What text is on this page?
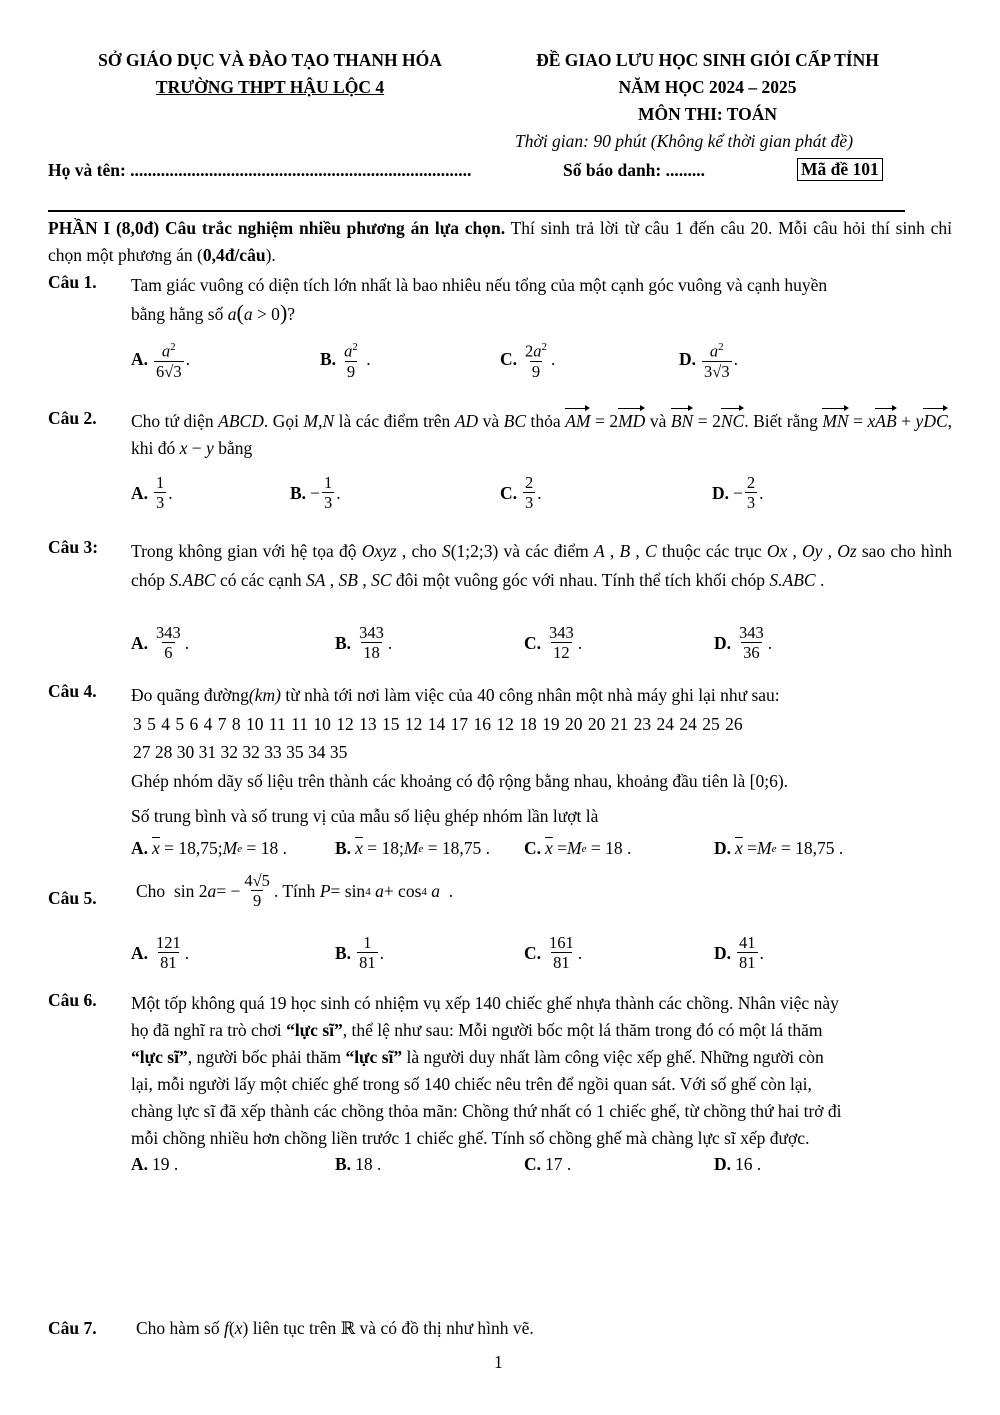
SỞ GIÁO DỤC VÀ ĐÀO TẠO THANH HÓA
TRƯỜNG THPT HẬU LỘC 4
ĐỀ GIAO LƯU HỌC SINH GIỎI CẤP TỈNH
NĂM HỌC 2024 – 2025
MÔN THI: TOÁN
Thời gian: 90 phút (Không kể thời gian phát đề)
Họ và tên: ..............................................................................	Số báo danh: .........	Mã đề 101
PHẦN I (8,0đ) Câu trắc nghiệm nhiều phương án lựa chọn. Thí sinh trả lời từ câu 1 đến câu 20. Mỗi câu hỏi thí sinh chỉ chọn một phương án (0,4đ/câu).
Câu 1. Tam giác vuông có diện tích lớn nhất là bao nhiêu nếu tổng của một cạnh góc vuông và cạnh huyền
bằng hằng số a(a > 0)?
A. $\frac{a^2}{6√3}$ .	B. $\frac{a^2}{9}$ .	C. $\frac{2a^2}{9}$ .	D. $\frac{a^2}{3√3}$ .
Câu 2. Cho tứ diện ABCD. Gọi M,N là các điểm trên AD và BC thỏa AM = 2MD và BN = 2NC. Biết rằng MN = xAB + yDC, khi đó x − y bằng
A. $\frac{1}{3}$ .	B. − $\frac{1}{3}$ .	C. $\frac{2}{3}$ .	D. − $\frac{2}{3}$ .
Câu 3: Trong không gian với hệ tọa độ Oxyz , cho S(1;2;3) và các điểm A , B , C thuộc các trục Ox , Oy , Oz sao cho hình chóp S.ABC có các cạnh SA , SB , SC đôi một vuông góc với nhau. Tính thể tích khối chóp S.ABC .
A. $\frac{343}{6}$ .	B. $\frac{343}{18}$ .	C. $\frac{343}{12}$ .	D. $\frac{343}{36}$ .
Câu 4. Đo quãng đường(km) từ nhà tới nơi làm việc của 40 công nhân một nhà máy ghi lại như sau:
3 5 4 5 6 4 7 8 10 11 11 10 12 13 15 12 14 17 16 12 18 19 20 20 21 23 24 24 25 26
27 28 30 31 32 32 33 35 34 35
Ghép nhóm dãy số liệu trên thành các khoảng có độ rộng bằng nhau, khoảng đầu tiên là [0;6).
Số trung bình và số trung vị của mẫu số liệu ghép nhóm lần lượt là
A. $\overline{x} = 18,75$; M e = 18 .	B. $\overline{x} = 18$; M e = 18,75 . C. $\overline{x} = M$ e = 18 .	D. $\overline{x} = M$ e = 18,75 .
Câu 5. Cho sin 2 a = − $\frac{4√5}{9}$ . Tính
P = sin 4
a + cos 4
a .
A. $\frac{121}{81}$ .	B. $\frac{1}{81}$ .	C. $\frac{161}{81}$ .	D. $\frac{41}{81}$ .
Câu 6. Một tốp không quá 19 học sinh có nhiệm vụ xếp 140 chiếc ghế nhựa thành các chồng. Nhân việc này
họ đã nghĩ ra trò chơi “lực sĩ”, thể lệ như sau: Mỗi người bốc một lá thăm trong đó có một lá thăm
“lực sĩ”, người bốc phải thăm “lực sĩ” là người duy nhất làm công việc xếp ghế. Những người còn
lại, mỗi người lấy một chiếc ghế trong số 140 chiếc nêu trên để ngồi quan sát. Với số ghế còn lại,
chàng lực sĩ đã xếp thành các chồng thỏa mãn: Chồng thứ nhất có 1 chiếc ghế, từ chồng thứ hai trở đi
mỗi chồng nhiều hơn chồng liền trước 1 chiếc ghế. Tính số chồng ghế mà chàng lực sĩ xếp được.
A. 19 .	B. 18 .	C. 17 .	D. 16 .
Câu 7. Cho hàm số f(x) liên tục trên ℝ và có đồ thị như hình vẽ.
1
